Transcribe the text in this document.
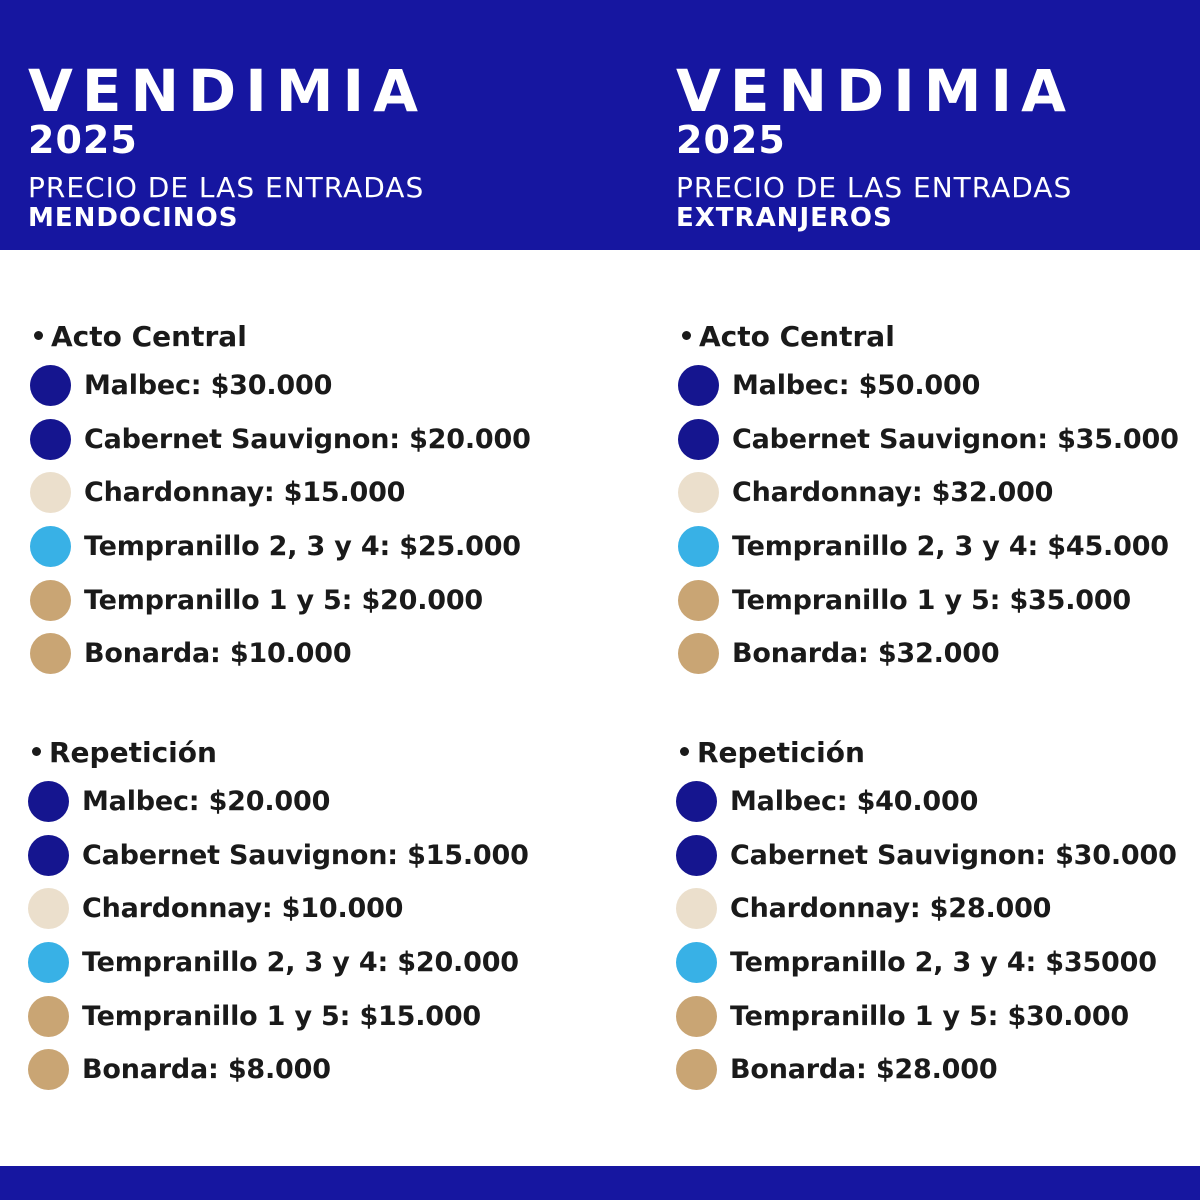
VENDIMIA
2025
PRECIO DE LAS ENTRADAS
MENDOCINOS
Acto Central
Malbec: $30.000
Cabernet Sauvignon: $20.000
Chardonnay: $15.000
Tempranillo 2, 3 y 4: $25.000
Tempranillo 1 y 5: $20.000
Bonarda: $10.000
Repetición
Malbec: $20.000
Cabernet Sauvignon: $15.000
Chardonnay: $10.000
Tempranillo 2, 3 y 4: $20.000
Tempranillo 1 y 5: $15.000
Bonarda: $8.000
VENDIMIA
2025
PRECIO DE LAS ENTRADAS
EXTRANJEROS
Acto Central
Malbec: $50.000
Cabernet Sauvignon: $35.000
Chardonnay: $32.000
Tempranillo 2, 3 y 4: $45.000
Tempranillo 1 y 5: $35.000
Bonarda: $32.000
Repetición
Malbec: $40.000
Cabernet Sauvignon: $30.000
Chardonnay: $28.000
Tempranillo 2, 3 y 4: $35000
Tempranillo 1 y 5: $30.000
Bonarda: $28.000
